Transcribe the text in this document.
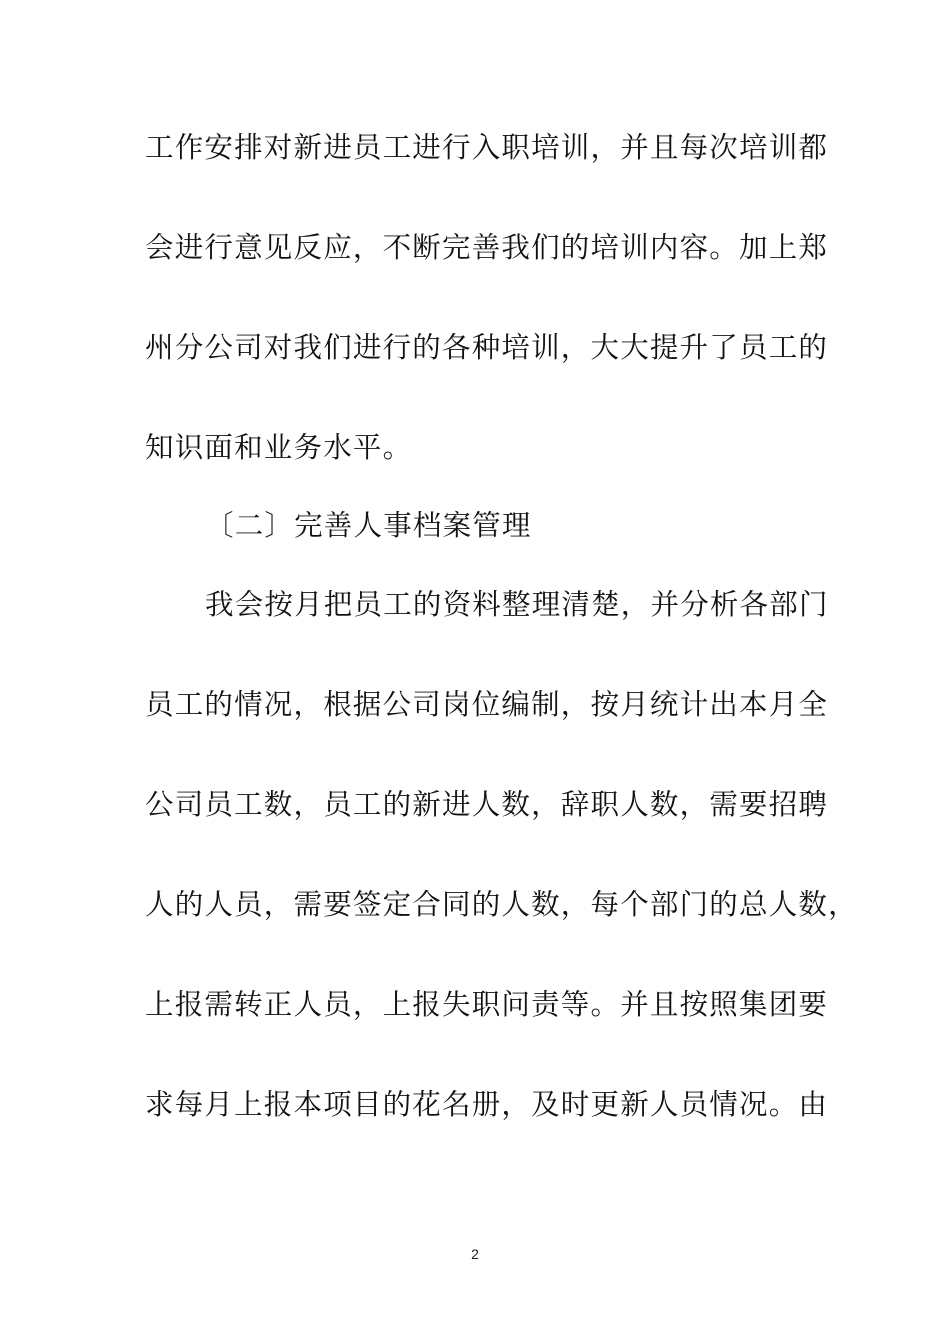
工作安排对新进员工进行入职培训，并且每次培训都
会进行意见反应，不断完善我们的培训内容。加上郑
州分公司对我们进行的各种培训，大大提升了员工的
知识面和业务水平。
〔二〕完善人事档案管理
我会按月把员工的资料整理清楚，并分析各部门
员工的情况，根据公司岗位编制，按月统计出本月全
公司员工数，员工的新进人数，辞职人数，需要招聘
人的人员，需要签定合同的人数，每个部门的总人数，
上报需转正人员，上报失职问责等。并且按照集团要
求每月上报本项目的花名册，及时更新人员情况。由
2
